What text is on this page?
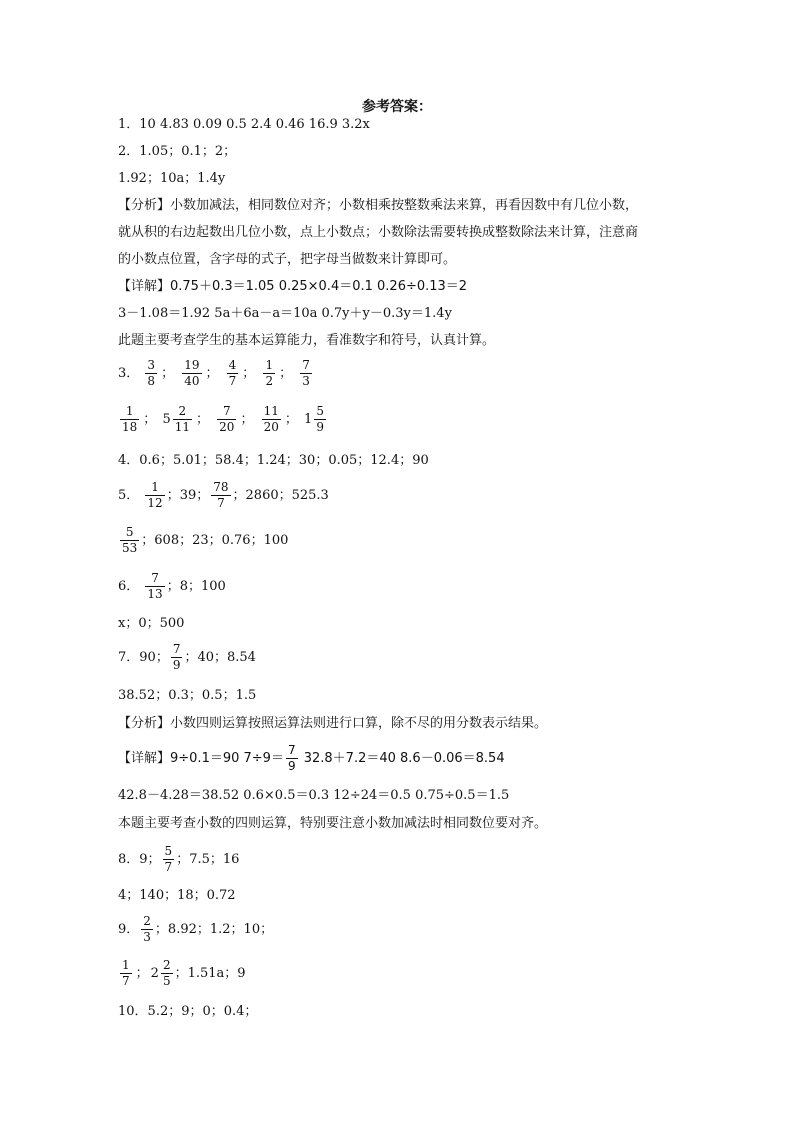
参考答案：
1．10 4.83 0.09 0.5 2.4 0.46 16.9 3.2x
2．1.05；0.1；2；
1.92；10a；1.4y
【分析】小数加减法，相同数位对齐；小数相乘按整数乘法来算，再看因数中有几位小数，
就从积的右边起数出几位小数，点上小数点；小数除法需要转换成整数除法来计算，注意商
的小数点位置，含字母的式子，把字母当做数来计算即可。
【详解】0.75＋0.3＝1.05 0.25×0.4＝0.1 0.26÷0.13＝2
3－1.08＝1.92 5a＋6a－a＝10a 0.7y＋y－0.3y＝1.4y
此题主要考查学生的基本运算能力，看准数字和符号，认真计算。
3． $\frac{3}{8}$ ； $\frac{19}{40}$ ； $\frac{4}{7}$ ； $\frac{1}{2}$ ； $\frac{7}{3}$
$\frac{1}{18}$ ； $5 \frac{2}{11}$ ； $\frac{7}{20}$ ； $\frac{11}{20}$ ； $1 \frac{5}{9}$
4．0.6；5.01；58.4；1.24；30；0.05；12.4；90
5． $\frac{1}{12}$ ；39； $\frac{78}{7}$ ；2860；525.3
$\frac{5}{53}$ ；608；23；0.76；100
6． $\frac{7}{13}$ ；8；100
x；0；500
7．90； $\frac{7}{9}$ ；40；8.54
38.52；0.3；0.5；1.5
【分析】小数四则运算按照运算法则进行口算，除不尽的用分数表示结果。
【详解】9÷0.1＝90 $7\div 9= \frac{7}{9} 32.8+7.2=40$ 8.6－0.06＝8.54
42.8－4.28＝38.52 0.6×0.5＝0.3 12÷24＝0.5 0.75÷0.5＝1.5
本题主要考查小数的四则运算，特别要注意小数加减法时相同数位要对齐。
8．9； $\frac{5}{7}$ ；7.5；16
4；140；18；0.72
9． $\frac{2}{3}$ ；8.92；1.2；10；
$\frac{1}{7}$ ； $2 \frac{2}{5}$ ；1.51a；9
10．5.2；9；0；0.4；
